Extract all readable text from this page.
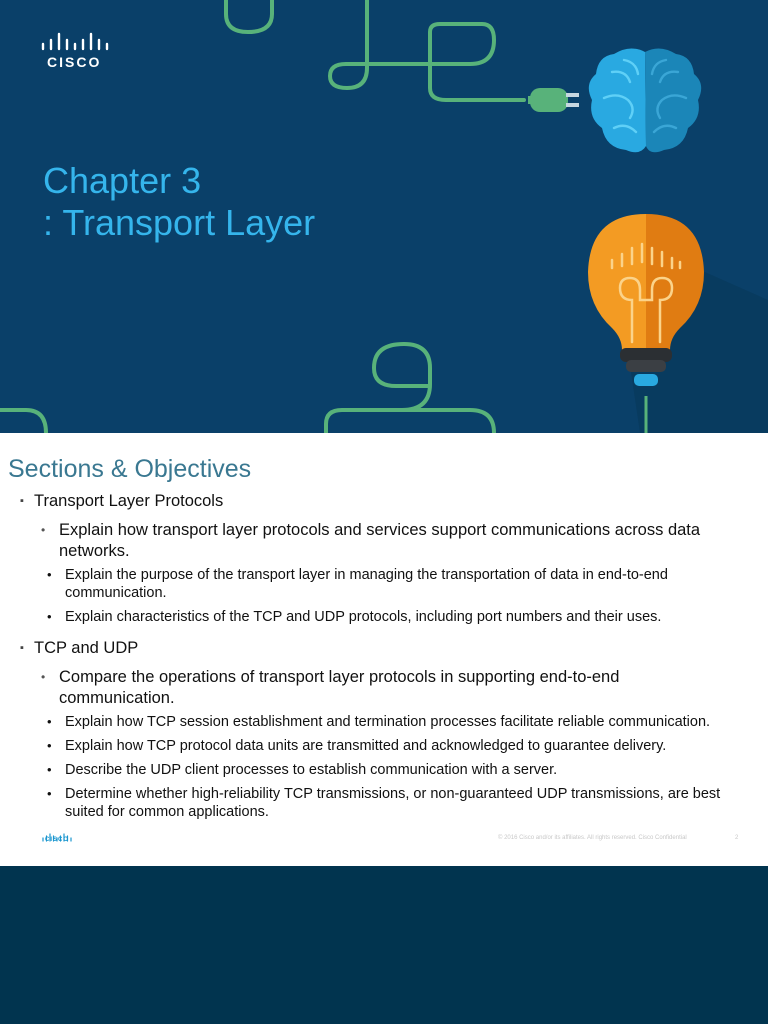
CISCO
Chapter 3
: Transport Layer
Sections & Objectives
▪ Transport Layer Protocols
• Explain how transport layer protocols and services support communications across data networks.
• Explain the purpose of the transport layer in managing the transportation of data in end-to-end communication.
• Explain characteristics of the TCP and UDP protocols, including port numbers and their uses.
▪ TCP and UDP
• Compare the operations of transport layer protocols in supporting end-to-end communication.
• Explain how TCP session establishment and termination processes facilitate reliable communication.
• Explain how TCP protocol data units are transmitted and acknowledged to guarantee delivery.
• Describe the UDP client processes to establish communication with a server.
• Determine whether high-reliability TCP transmissions, or non-guaranteed UDP transmissions, are best suited for common applications.
CISCO	© 2016 Cisco and/or its affiliates. All rights reserved. Cisco Confidential	2
